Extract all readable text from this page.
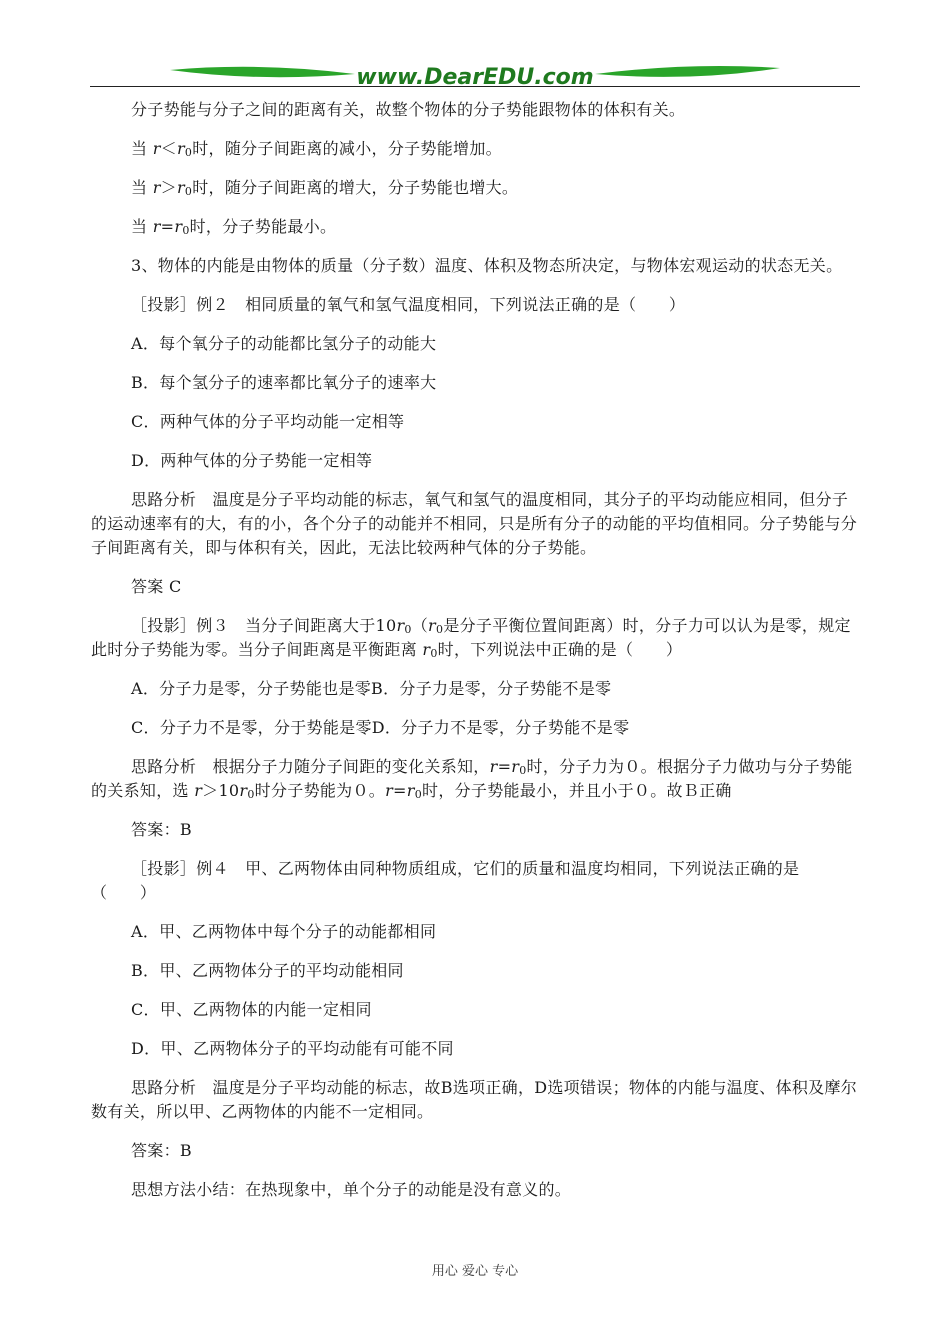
www.DearEDU.com

分子势能与分子之间的距离有关，故整个物体的分子势能跟物体的体积有关。

当 $r<r_0$时，随分子间距离的减小，分子势能增加。

当 $r>r_0$时，随分子间距离的增大，分子势能也增大。

当 $r=r_0$时，分子势能最小。

3、物体的内能是由物体的质量（分子数）温度、体积及物态所决定，与物体宏观运动的状态无关。

［投影］例２　相同质量的氧气和氢气温度相同，下列说法正确的是（　　）

A．每个氧分子的动能都比氢分子的动能大

B．每个氢分子的速率都比氧分子的速率大

C．两种气体的分子平均动能一定相等

D．两种气体的分子势能一定相等

思路分析　温度是分子平均动能的标志，氧气和氢气的温度相同，其分子的平均动能应相同，但分子的运动速率有的大，有的小，各个分子的动能并不相同，只是所有分子的动能的平均值相同。分子势能与分子间距离有关，即与体积有关，因此，无法比较两种气体的分子势能。

答案 C

［投影］例３　当分子间距离大于$10r_0(r_0$是分子平衡位置间距离）时，分子力可以认为是零，规定此时分子势能为零。当分子间距离是平衡距离 $r_0$时，下列说法中正确的是（　　）

A．分子力是零，分子势能也是零B．分子力是零，分子势能不是零

C．分子力不是零，分于势能是零D．分子力不是零，分子势能不是零

思路分析　根据分子力随分子间距的变化关系知，$r=r_0$时，分子力为０。根据分子力做功与分子势能的关系知，选 $r>10r_0$时分子势能为０。$r=r_0$时，分子势能最小，并且小于０。故Ｂ正确

答案：B

［投影］例４　甲、乙两物体由同种物质组成，它们的质量和温度均相同，下列说法正确的是　　　（　　）

A．甲、乙两物体中每个分子的动能都相同

B．甲、乙两物体分子的平均动能相同

C．甲、乙两物体的内能一定相同

D．甲、乙两物体分子的平均动能有可能不同

思路分析　温度是分子平均动能的标志，故B选项正确，D选项错误；物体的内能与温度、体积及摩尔数有关，所以甲、乙两物体的内能不一定相同。

答案：B

思想方法小结：在热现象中，单个分子的动能是没有意义的。

用心 爱心 专心
